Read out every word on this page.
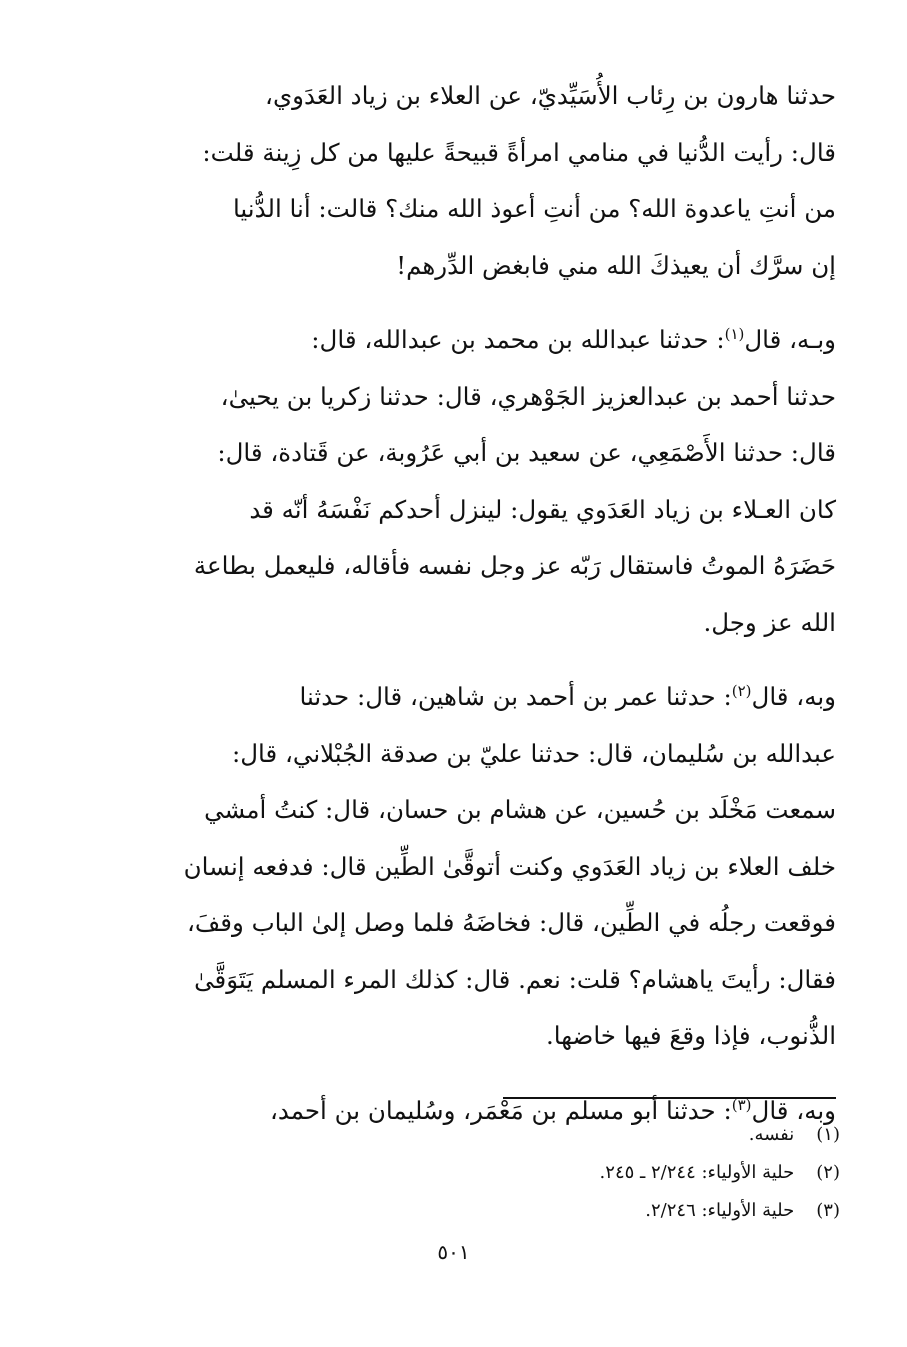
حدثنا هارون بن رِئاب الأُسَيِّديّ، عن العلاء بن زياد العَدَوي،

قال: رأيت الدُّنيا في منامي امرأةً قبيحةً عليها من كل زِينة قلت:

من أنتِ ياعدوة الله؟ من أنتِ أعوذ الله منك؟ قالت: أنا الدُّنيا

إن سرَّك أن يعيذكَ الله مني فابغض الدِّرهم!

وبـه، قال$^{(١)}$: حدثنا عبدالله بن محمد بن عبدالله، قال:

حدثنا أحمد بن عبدالعزيز الجَوْهري، قال: حدثنا زكريا بن يحيىٰ،

قال: حدثنا الأَصْمَعِي، عن سعيد بن أبي عَرُوبة، عن قَتادة، قال:

كان العـلاء بن زياد العَدَوي يقول: لينزل أحدكم نَفْسَهُ أنّه قد

حَضَرَهُ الموتُ فاستقال رَبّه عز وجل نفسه فأقاله، فليعمل بطاعة

الله عز وجل.

وبه، قال$^{(٢)}$: حدثنا عمر بن أحمد بن شاهين، قال: حدثنا

عبدالله بن سُليمان، قال: حدثنا عليّ بن صدقة الجُبْلاني، قال:

سمعت مَخْلَد بن حُسين، عن هشام بن حسان، قال: كنتُ أمشي

خلف العلاء بن زياد العَدَوي وكنت أتوقَّىٰ الطِّين قال: فدفعه إنسان

فوقعت رجلُه في الطِّين، قال: فخاضَهُ فلما وصل إلىٰ الباب وقفَ،

فقال: رأيتَ ياهشام؟ قلت: نعم. قال: كذلك المرء المسلم يَتَوَقَّىٰ

الذُّنوب، فإذا وقعَ فيها خاضها.

وبه، قال$^{(٣)}$: حدثنا أبو مسلم بن مَعْمَر، وسُليمان بن أحمد،

(١) نفسه.
(٢) حلية الأولياء: ٢/٢٤٤ ـ ٢٤٥.
(٣) حلية الأولياء: ٢/٢٤٦.
٥٠١
